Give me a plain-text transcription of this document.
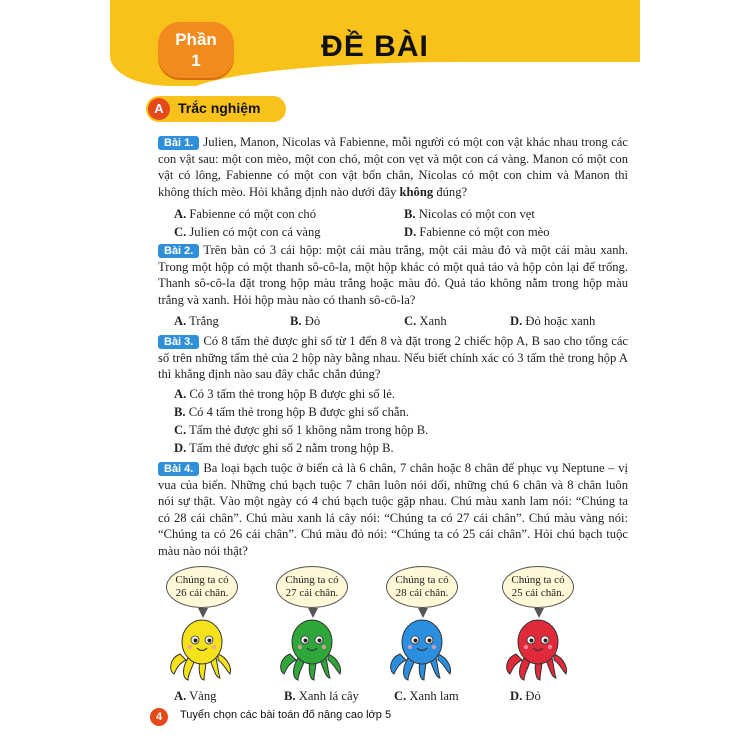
Phần
1	ĐỀ BÀI
A	Trắc nghiệm
Bài 1. Julien, Manon, Nicolas và Fabienne, mỗi người có một con vật khác nhau trong các con vật sau: một con mèo, một con chó, một con vẹt và một con cá vàng. Manon có một con vật có lông, Fabienne có một con vật bốn chân, Nicolas có một con chim và Manon thì không thích mèo. Hỏi khẳng định nào dưới đây không đúng?
A. Fabienne có một con chó	B. Nicolas có một con vẹt
C. Julien có một con cá vàng	D. Fabienne có một con mèo
Bài 2. Trên bàn có 3 cái hộp: một cái màu trắng, một cái màu đỏ và một cái màu xanh. Trong một hộp có một thanh sô-cô-la, một hộp khác có một quả táo và hộp còn lại để trống. Thanh sô-cô-la đặt trong hộp màu trắng hoặc màu đỏ. Quả táo không nằm trong hộp màu trắng và xanh. Hỏi hộp màu nào có thanh sô-cô-la?
A. Trắng	B. Đỏ	C. Xanh	D. Đỏ hoặc xanh
Bài 3. Có 8 tấm thẻ được ghi số từ 1 đến 8 và đặt trong 2 chiếc hộp A, B sao cho tổng các số trên những tấm thẻ của 2 hộp này bằng nhau. Nếu biết chính xác có 3 tấm thẻ trong hộp A thì khẳng định nào sau đây chắc chắn đúng?
A. Có 3 tấm thẻ trong hộp B được ghi số lẻ.
B. Có 4 tấm thẻ trong hộp B được ghi số chẵn.
C. Tấm thẻ được ghi số 1 không nằm trong hộp B.
D. Tấm thẻ được ghi số 2 nằm trong hộp B.
Bài 4. Ba loại bạch tuộc ở biển cả là 6 chân, 7 chân hoặc 8 chân để phục vụ Neptune – vị vua của biển. Những chú bạch tuộc 7 chân luôn nói dối, những chú 6 chân và 8 chân luôn nói sự thật. Vào một ngày có 4 chú bạch tuộc gặp nhau. Chú màu xanh lam nói: “Chúng ta có 28 cái chân”. Chú màu xanh lá cây nói: “Chúng ta có 27 cái chân”. Chú màu vàng nói: “Chúng ta có 26 cái chân”. Chú màu đỏ nói: “Chúng ta có 25 cái chân”. Hỏi chú bạch tuộc màu nào nói thật?
Chúng ta có
26 cái chân.
A. Vàng
Chúng ta có
27 cái chân.
B. Xanh lá cây
Chúng ta có
28 cái chân.
C. Xanh lam
Chúng ta có
25 cái chân.
D. Đỏ
4	Tuyển chọn các bài toán đố nâng cao lớp 5
